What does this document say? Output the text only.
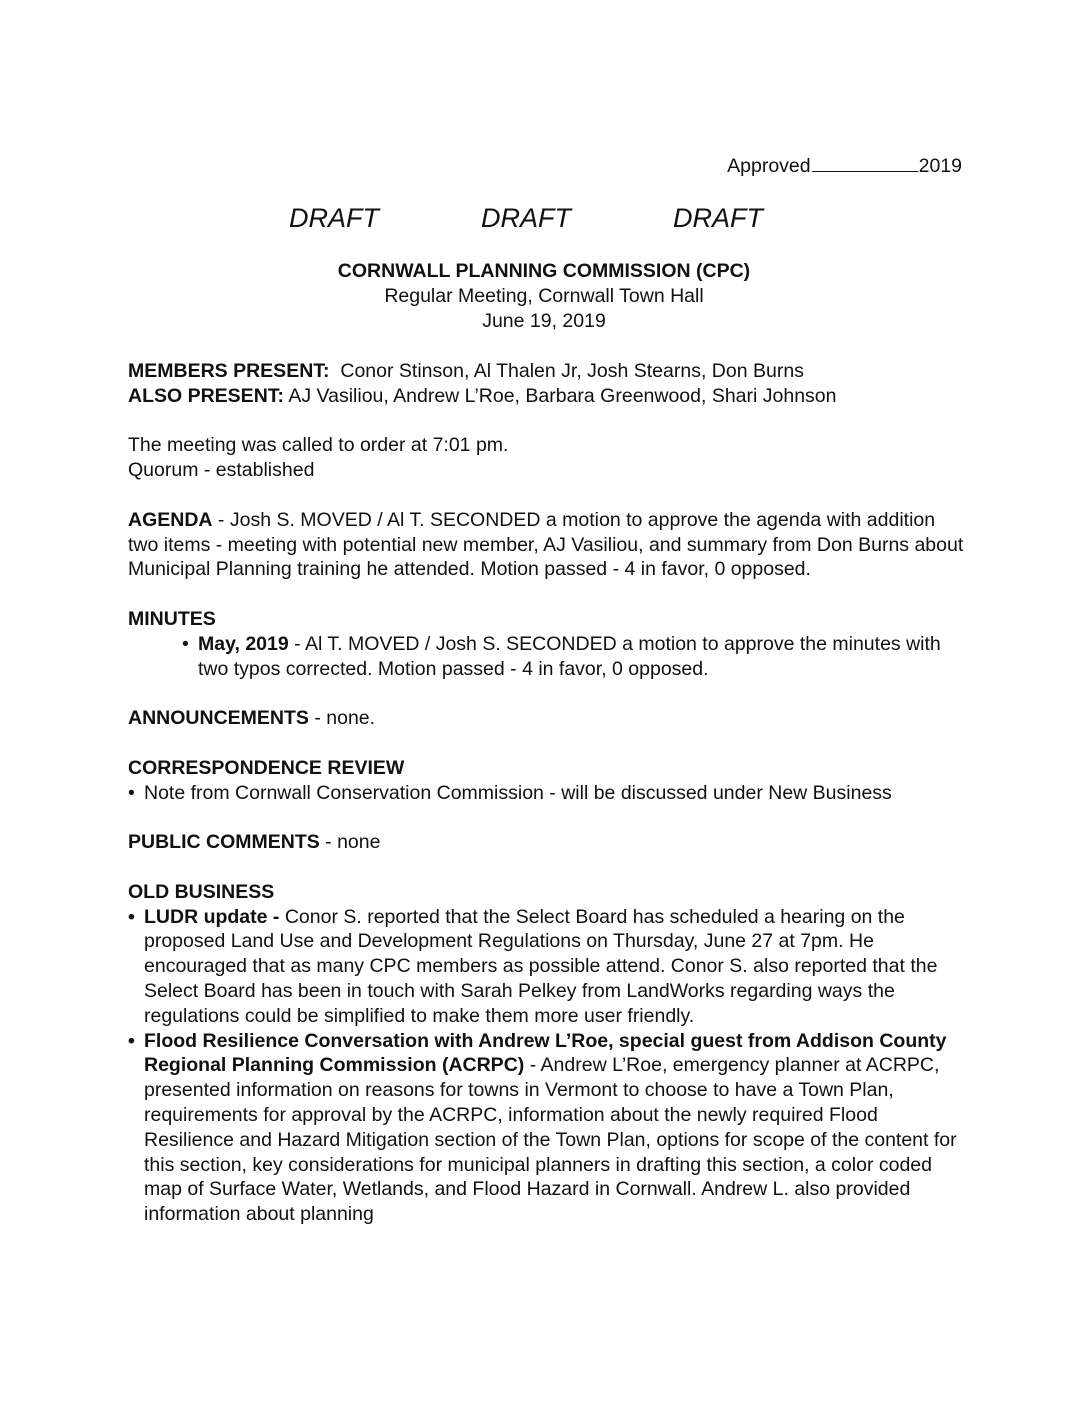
Approved	2019
DRAFT	DRAFT	DRAFT
CORNWALL PLANNING COMMISSION (CPC)
Regular Meeting, Cornwall Town Hall
June 19, 2019

MEMBERS PRESENT: Conor Stinson, Al Thalen Jr, Josh Stearns, Don Burns

ALSO PRESENT: AJ Vasiliou, Andrew L’Roe, Barbara Greenwood, Shari Johnson

The meeting was called to order at 7:01 pm.

Quorum - established

AGENDA - Josh S. MOVED / Al T. SECONDED a motion to approve the agenda with addition two items - meeting with potential new member, AJ Vasiliou, and summary from Don Burns about Municipal Planning training he attended. Motion passed - 4 in favor, 0 opposed.

MINUTES

• May, 2019 - Al T. MOVED / Josh S. SECONDED a motion to approve the minutes with two typos corrected. Motion passed - 4 in favor, 0 opposed.

ANNOUNCEMENTS - none.

CORRESPONDENCE REVIEW

• Note from Cornwall Conservation Commission - will be discussed under New Business

PUBLIC COMMENTS - none

OLD BUSINESS

• LUDR update - Conor S. reported that the Select Board has scheduled a hearing on the proposed Land Use and Development Regulations on Thursday, June 27 at 7pm. He encouraged that as many CPC members as possible attend. Conor S. also reported that the Select Board has been in touch with Sarah Pelkey from LandWorks regarding ways the regulations could be simplified to make them more user friendly.
• Flood Resilience Conversation with Andrew L’Roe, special guest from Addison County Regional Planning Commission (ACRPC) - Andrew L’Roe, emergency planner at ACRPC, presented information on reasons for towns in Vermont to choose to have a Town Plan, requirements for approval by the ACRPC, information about the newly required Flood Resilience and Hazard Mitigation section of the Town Plan, options for scope of the content for this section, key considerations for municipal planners in drafting this section, a color coded map of Surface Water, Wetlands, and Flood Hazard in Cornwall. Andrew L. also provided information about planning
